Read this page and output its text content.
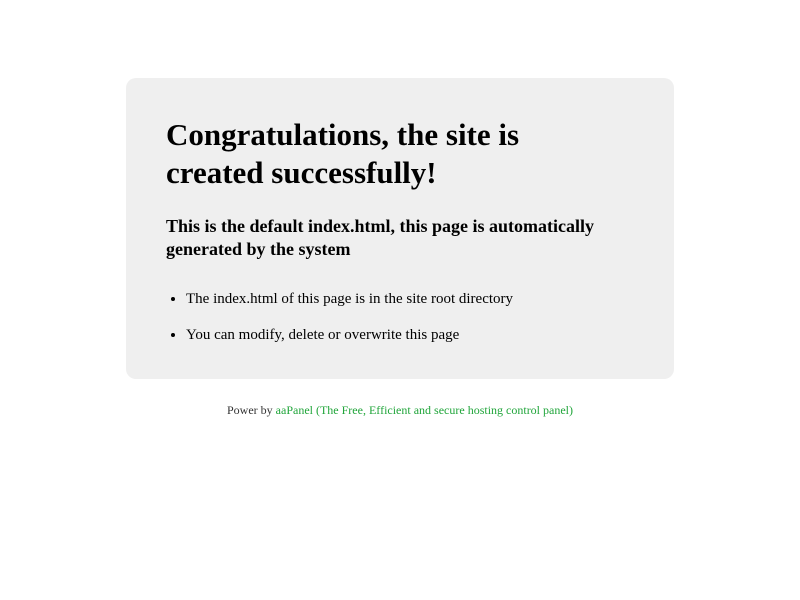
Congratulations, the site is created successfully!
This is the default index.html, this page is automatically generated by the system
• The index.html of this page is in the site root directory
• You can modify, delete or overwrite this page
Power by aaPanel (The Free, Efficient and secure hosting control panel)
